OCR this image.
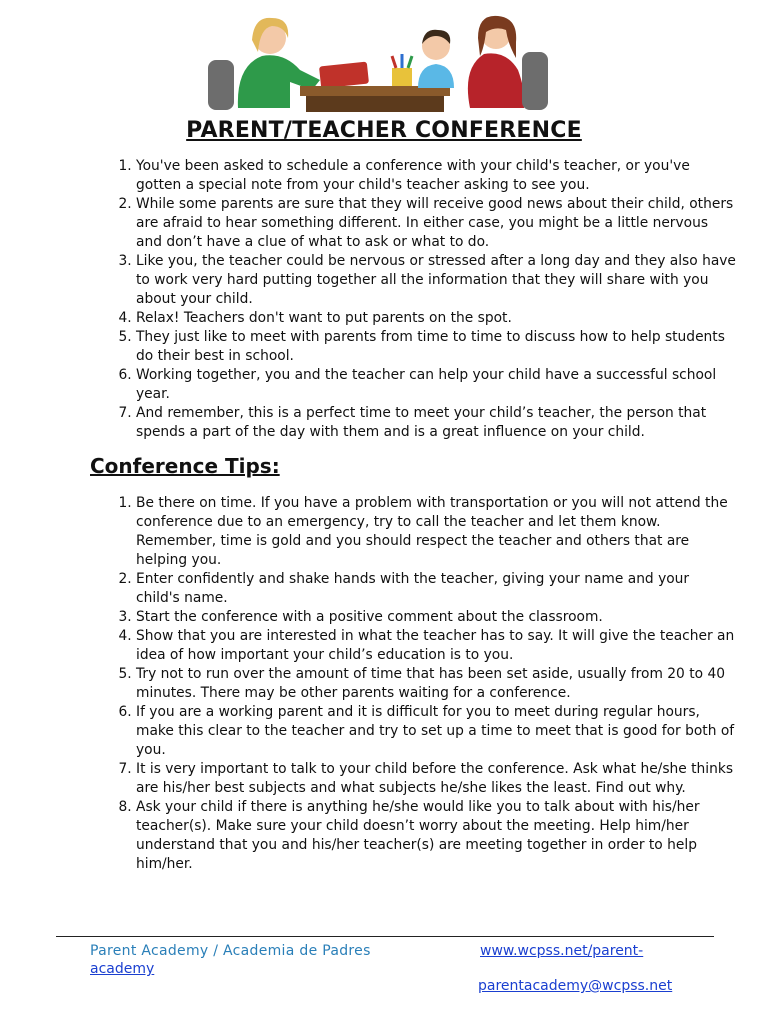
PARENT/TEACHER CONFERENCE
1. You've been asked to schedule a conference with your child's teacher, or you've gotten a special note from your child's teacher asking to see you.
2. While some parents are sure that they will receive good news about their child, others are afraid to hear something different. In either case, you might be a little nervous and don’t have a clue of what to ask or what to do.
3. Like you, the teacher could be nervous or stressed after a long day and they also have to work very hard putting together all the information that they will share with you about your child.
4. Relax! Teachers don't want to put parents on the spot.
5. They just like to meet with parents from time to time to discuss how to help students do their best in school.
6. Working together, you and the teacher can help your child have a successful school year.
7. And remember, this is a perfect time to meet your child’s teacher, the person that spends a part of the day with them and is a great influence on your child.
Conference Tips:
1. Be there on time. If you have a problem with transportation or you will not attend the conference due to an emergency, try to call the teacher and let them know. Remember, time is gold and you should respect the teacher and others that are helping you.
2. Enter confidently and shake hands with the teacher, giving your name and your child's name.
3. Start the conference with a positive comment about the classroom.
4. Show that you are interested in what the teacher has to say. It will give the teacher an idea of how important your child’s education is to you.
5. Try not to run over the amount of time that has been set aside, usually from 20 to 40 minutes. There may be other parents waiting for a conference.
6. If you are a working parent and it is difficult for you to meet during regular hours, make this clear to the teacher and try to set up a time to meet that is good for both of you.
7. It is very important to talk to your child before the conference. Ask what he/she thinks are his/her best subjects and what subjects he/she likes the least. Find out why.
8. Ask your child if there is anything he/she would like you to talk about with his/her teacher(s). Make sure your child doesn’t worry about the meeting. Help him/her understand that you and his/her teacher(s) are meeting together in order to help him/her.
Parent Academy / Academia de Padres	www.wcpss.net/parent-
academy
parentacademy@wcpss.net
